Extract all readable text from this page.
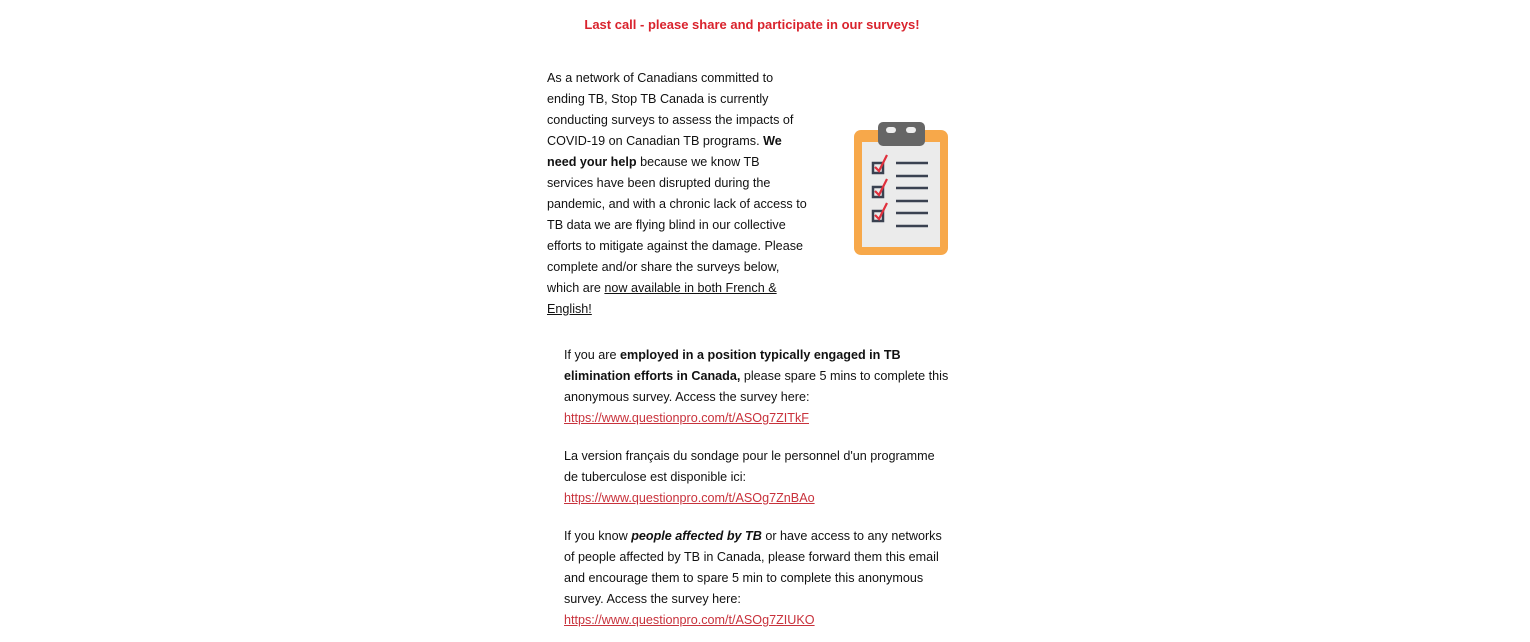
Last call - please share and participate in our surveys!

As a network of Canadians committed to ending TB, Stop TB Canada is currently conducting surveys to assess the impacts of COVID-19 on Canadian TB programs. We need your help because we know TB services have been disrupted during the pandemic, and with a chronic lack of access to TB data we are flying blind in our collective efforts to mitigate against the damage. Please complete and/or share the surveys below, which are now available in both French & English!

If you are employed in a position typically engaged in TB elimination efforts in Canada, please spare 5 mins to complete this anonymous survey. Access the survey here: https://www.questionpro.com/t/ASOg7ZITkF

La version français du sondage pour le personnel d'un programme de tuberculose est disponible ici: https://www.questionpro.com/t/ASOg7ZnBAo

If you know people affected by TB or have access to any networks of people affected by TB in Canada, please forward them this email and encourage them to spare 5 min to complete this anonymous survey. Access the survey here: https://www.questionpro.com/t/ASOg7ZIUKO
